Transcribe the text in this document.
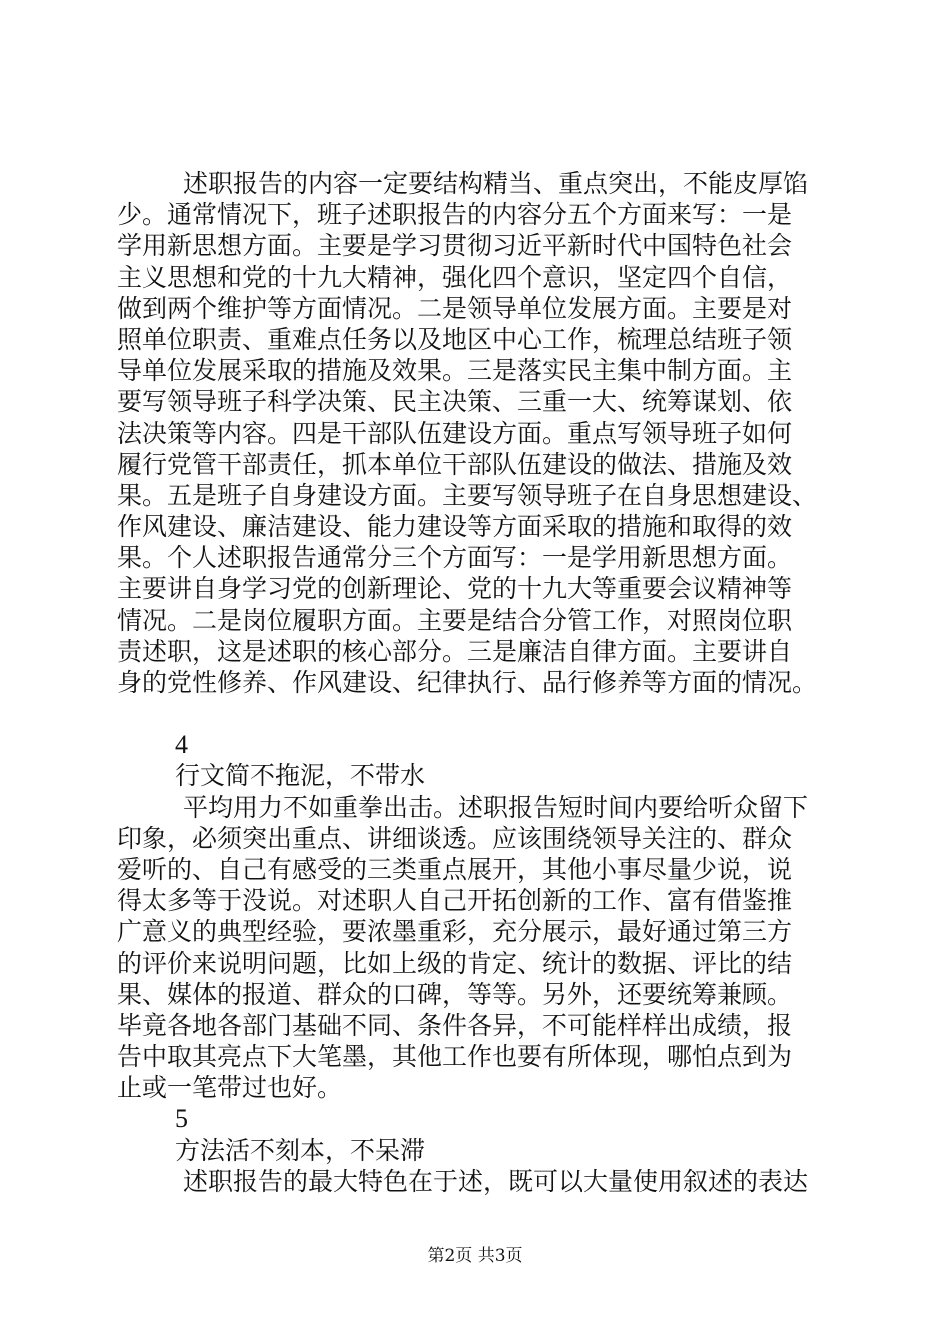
述职报告的内容一定要结构精当、重点突出，不能皮厚馅
少。通常情况下，班子述职报告的内容分五个方面来写：一是
学用新思想方面。主要是学习贯彻习近平新时代中国特色社会
主义思想和党的十九大精神，强化四个意识，坚定四个自信，
做到两个维护等方面情况。二是领导单位发展方面。主要是对
照单位职责、重难点任务以及地区中心工作，梳理总结班子领
导单位发展采取的措施及效果。三是落实民主集中制方面。主
要写领导班子科学决策、民主决策、三重一大、统筹谋划、依
法决策等内容。四是干部队伍建设方面。重点写领导班子如何
履行党管干部责任，抓本单位干部队伍建设的做法、措施及效
果。五是班子自身建设方面。主要写领导班子在自身思想建设、
作风建设、廉洁建设、能力建设等方面采取的措施和取得的效
果。个人述职报告通常分三个方面写：一是学用新思想方面。
主要讲自身学习党的创新理论、党的十九大等重要会议精神等
情况。二是岗位履职方面。主要是结合分管工作，对照岗位职
责述职，这是述职的核心部分。三是廉洁自律方面。主要讲自
身的党性修养、作风建设、纪律执行、品行修养等方面的情况。
4
行文简不拖泥，不带水
平均用力不如重拳出击。述职报告短时间内要给听众留下
印象，必须突出重点、讲细谈透。应该围绕领导关注的、群众
爱听的、自己有感受的三类重点展开，其他小事尽量少说，说
得太多等于没说。对述职人自己开拓创新的工作、富有借鉴推
广意义的典型经验，要浓墨重彩，充分展示，最好通过第三方
的评价来说明问题，比如上级的肯定、统计的数据、评比的结
果、媒体的报道、群众的口碑，等等。另外，还要统筹兼顾。
毕竟各地各部门基础不同、条件各异，不可能样样出成绩，报
告中取其亮点下大笔墨，其他工作也要有所体现，哪怕点到为
止或一笔带过也好。
5
方法活不刻本，不呆滞
述职报告的最大特色在于述，既可以大量使用叙述的表达
第2页 共3页
